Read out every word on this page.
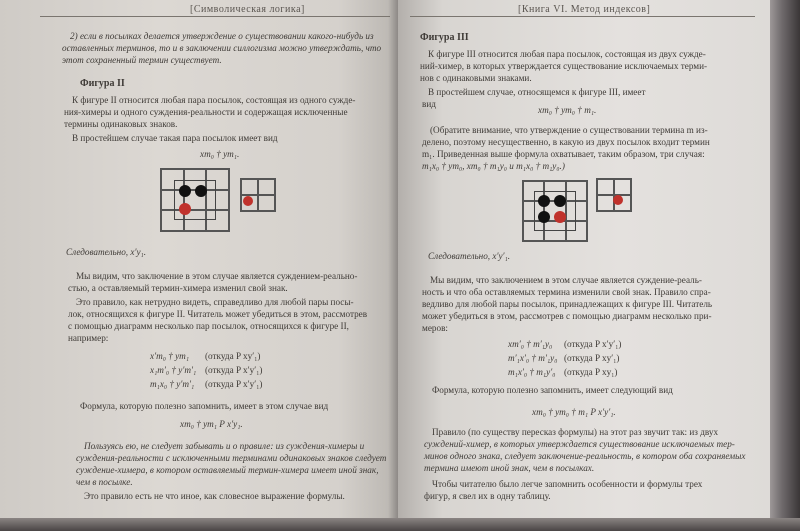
[Символическая логика]
2) если в посылках делается утверждение о существовании какого-нибудь из
оставленных терминов, то и в заключении силлогизма можно утверждать, что
этот сохраненный термин существует.
Фигура II
К фигуре II относится любая пара посылок, состоящая из одного сужде-
ния-химеры и одного суждения-реальности и содержащая исключенные
термины одинаковых знаков.
В простейшем случае такая пара посылок имеет вид
xm₀ † ym₁.
Следовательно, x′y₁.
Мы видим, что заключение в этом случае является суждением-реально-
стью, а оставляемый термин-химера изменил свой знак.
Это правило, как нетрудно видеть, справедливо для любой пары посы-
лок, относящихся к фигуре II. Читатель может убедиться в этом, рассмотрев
с помощью диаграмм несколько пар посылок, относящихся к фигуре II,
например:
x′m₀ † ym₁ (откуда P xy′₁)
x₁m′₀ † y′m′₁ (откуда P x′y′₁)
m₁x₀ † y′m′₁ (откуда P x′y′₁)
Формула, которую полезно запомнить, имеет в этом случае вид
xm₀ † ym₁ P x′y₁.
Пользуясь ею, не следует забывать и о правиле: из суждения-химеры и
суждения-реальности с исключенными терминами одинаковых знаков следует
суждение-химера, в котором оставляемый термин-химера имеет иной знак,
чем в посылке.
Это правило есть не что иное, как словесное выражение формулы.
[Книга VI. Метод индексов]
Фигура III
К фигуре III относится любая пара посылок, состоящая из двух сужде-
ний-химер, в которых утверждается существование исключаемых терми-
нов с одинаковыми знаками.
В простейшем случае, относящемся к фигуре III, имеет
вид
xm₀ † ym₀ † m₁.
(Обратите внимание, что утверждение о существовании термина m из-
делено, поэтому несущественно, в какую из двух посылок входит термин
m₁. Приведенная выше формула охватывает, таким образом, три случая:
m₁x₀ † ym₀, xm₀ † m₁y₀ и m₁x₀ † m₁y₀.)
Следовательно, x′y′₁.
Мы видим, что заключением в этом случае является суждение-реаль-
ность и что оба оставляемых термина изменили свой знак. Правило спра-
ведливо для любой пары посылок, принадлежащих к фигуре III. Читатель
может убедиться в этом, рассмотрев с помощью диаграмм несколько при-
меров:
xm′₀ † m′₁y₀ (откуда P x′y′₁)
m′₁x′₀ † m′₁y₀ (откуда P xy′₁)
m₁x′₀ † m₁y′₀ (откуда P xy₁)
Формула, которую полезно запомнить, имеет следующий вид
xm₀ † ym₀ † m₁ P x′y′₁.
Правило (по существу пересказ формулы) на этот раз звучит так: из двух
суждений-химер, в которых утверждается существование исключаемых тер-
минов одного знака, следует заключение-реальность, в котором оба сохраняемых
термина имеют иной знак, чем в посылках.
Чтобы читателю было легче запомнить особенности и формулы трех
фигур, я свел их в одну таблицу.
